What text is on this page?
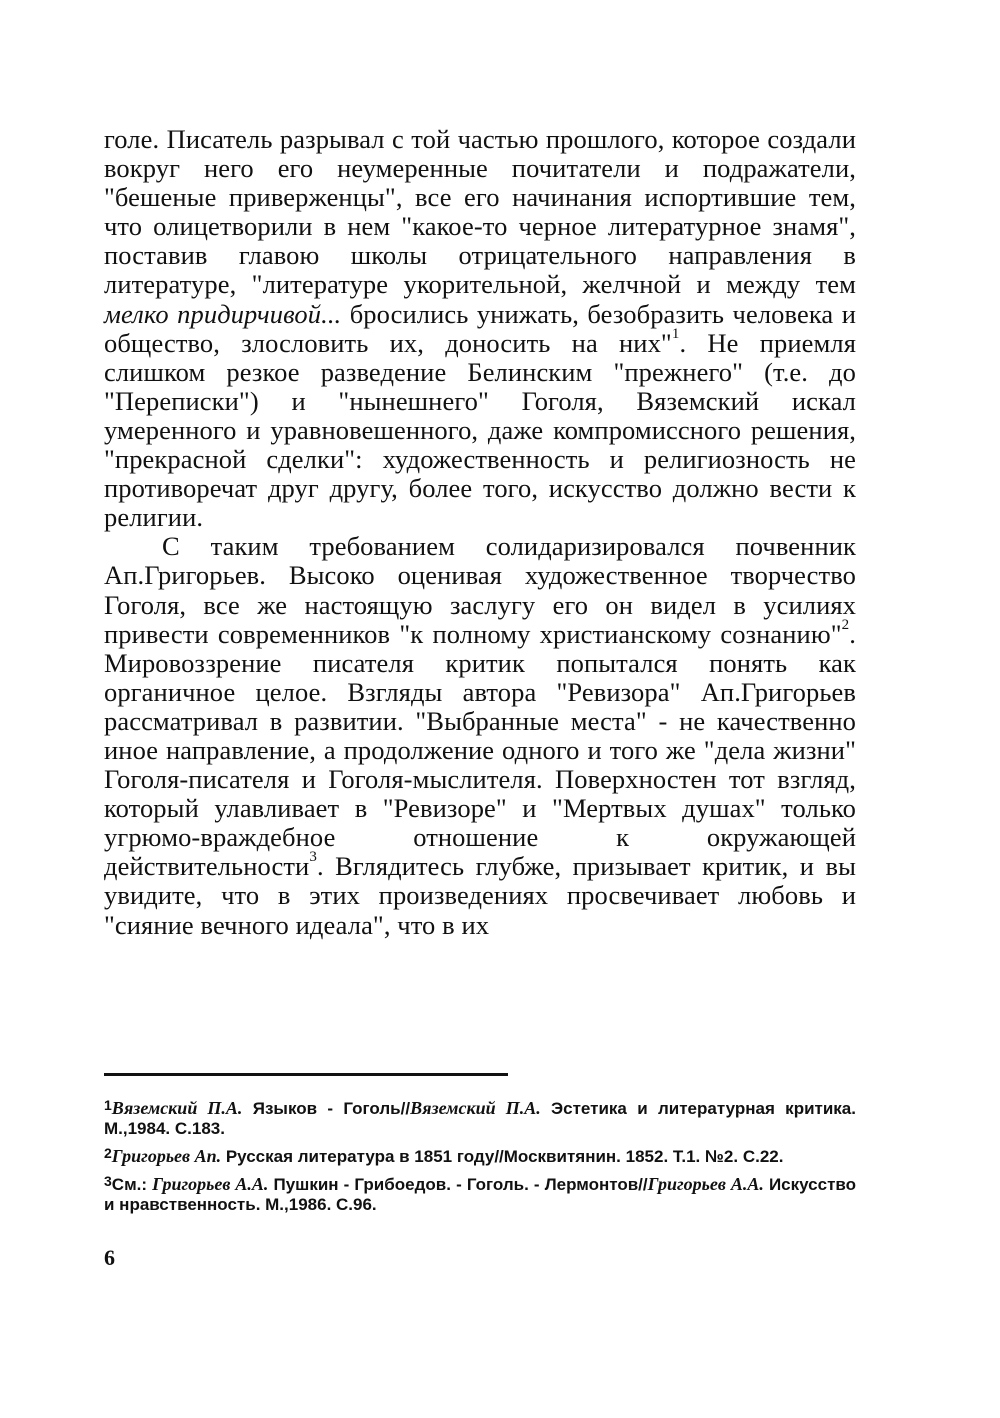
голе. Писатель разрывал с той частью прошлого, которое создали вокруг него его неумеренные почитатели и подражатели, "бешеные приверженцы", все его начинания испортившие тем, что олицетворили в нем "какое-то черное литературное знамя", поставив главою школы отрицательного направления в литературе, "литературе укорительной, желчной и между тем мелко придирчивой... бросились унижать, безобразить человека и общество, злословить их, доносить на них"$^1$. Не приемля слишком резкое разведение Белинским "прежнего" (т.е. до "Переписки") и "нынешнего" Гоголя, Вяземский искал умеренного и уравновешенного, даже компромиссного решения, "прекрасной сделки": художественность и религиозность не противоречат друг другу, более того, искусство должно вести к религии.

С таким требованием солидаризировался почвенник Ап.Григорьев. Высоко оценивая художественное творчество Гоголя, все же настоящую заслугу его он видел в усилиях привести современников "к полному христианскому сознанию"$^2$. Мировоззрение писателя критик попытался понять как органичное целое. Взгляды автора "Ревизора" Ап.Григорьев рассматривал в развитии. "Выбранные места" - не качественно иное направление, а продолжение одного и того же "дела жизни" Гоголя-писателя и Гоголя-мыслителя. Поверхностен тот взгляд, который улавливает в "Ревизоре" и "Мертвых душах" только угрюмо-враждебное отношение к окружающей действительности$^3$. Вглядитесь глубже, призывает критик, и вы увидите, что в этих произведениях просвечивает любовь и "сияние вечного идеала", что в их

$^1$Вяземский П.А. Языков - Гоголь//Вяземский П.А. Эстетика и литературная критика. М.,1984. С.183.
$^2$Григорьев Ап. Русская литература в 1851 году//Москвитянин. 1852. Т.1. №2. С.22.
$^3$См.: Григорьев А.А. Пушкин - Грибоедов. - Гоголь. - Лермонтов//Григорьев А.А. Искусство и нравственность. М.,1986. С.96.
6
